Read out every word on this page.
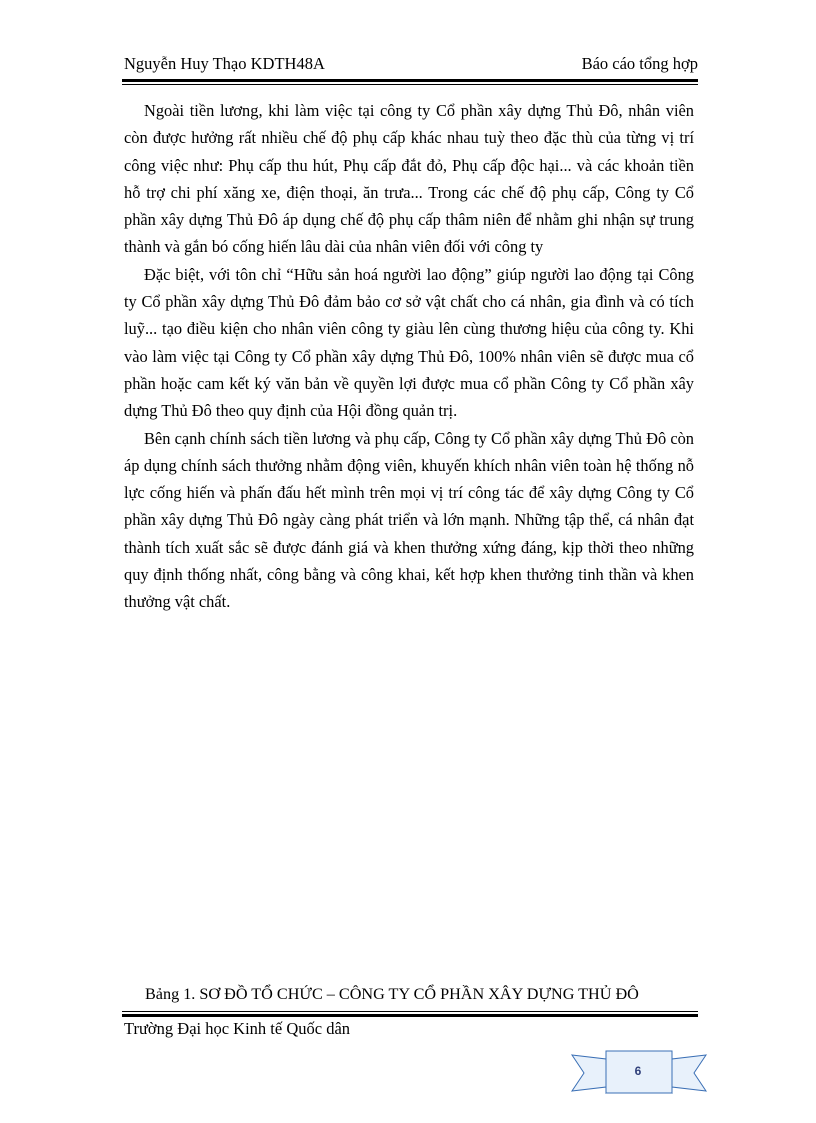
Nguyễn Huy Thạo KDTH48A	Báo cáo tổng hợp

Ngoài tiền lương, khi làm việc tại công ty Cổ phần xây dựng Thủ Đô, nhân viên còn được hưởng rất nhiều chế độ phụ cấp khác nhau tuỳ theo đặc thù của từng vị trí công việc như: Phụ cấp thu hút, Phụ cấp đắt đỏ, Phụ cấp độc hại... và các khoản tiền hỗ trợ chi phí xăng xe, điện thoại, ăn trưa... Trong các chế độ phụ cấp, Công ty Cổ phần xây dựng Thủ Đô áp dụng chế độ phụ cấp thâm niên để nhằm ghi nhận sự trung thành và gắn bó cống hiến lâu dài của nhân viên đối với công ty

Đặc biệt, với tôn chỉ “Hữu sản hoá người lao động” giúp người lao động tại Công ty Cổ phần xây dựng Thủ Đô đảm bảo cơ sở vật chất cho cá nhân, gia đình và có tích luỹ... tạo điều kiện cho nhân viên công ty giàu lên cùng thương hiệu của công ty. Khi vào làm việc tại Công ty Cổ phần xây dựng Thủ Đô, 100% nhân viên sẽ được mua cổ phần hoặc cam kết ký văn bản về quyền lợi được mua cổ phần Công ty Cổ phần xây dựng Thủ Đô theo quy định của Hội đồng quản trị.

Bên cạnh chính sách tiền lương và phụ cấp, Công ty Cổ phần xây dựng Thủ Đô còn áp dụng chính sách thưởng nhằm động viên, khuyến khích nhân viên toàn hệ thống nỗ lực cống hiến và phấn đấu hết mình trên mọi vị trí công tác để xây dựng Công ty Cổ phần xây dựng Thủ Đô ngày càng phát triển và lớn mạnh. Những tập thể, cá nhân đạt thành tích xuất sắc sẽ được đánh giá và khen thưởng xứng đáng, kịp thời theo những quy định thống nhất, công bằng và công khai, kết hợp khen thưởng tinh thần và khen thưởng vật chất.

Bảng 1. SƠ ĐỒ TỔ CHỨC – CÔNG TY CỔ PHẦN XÂY DỰNG THỦ ĐÔ
Trường Đại học Kinh tế Quốc dân
6
